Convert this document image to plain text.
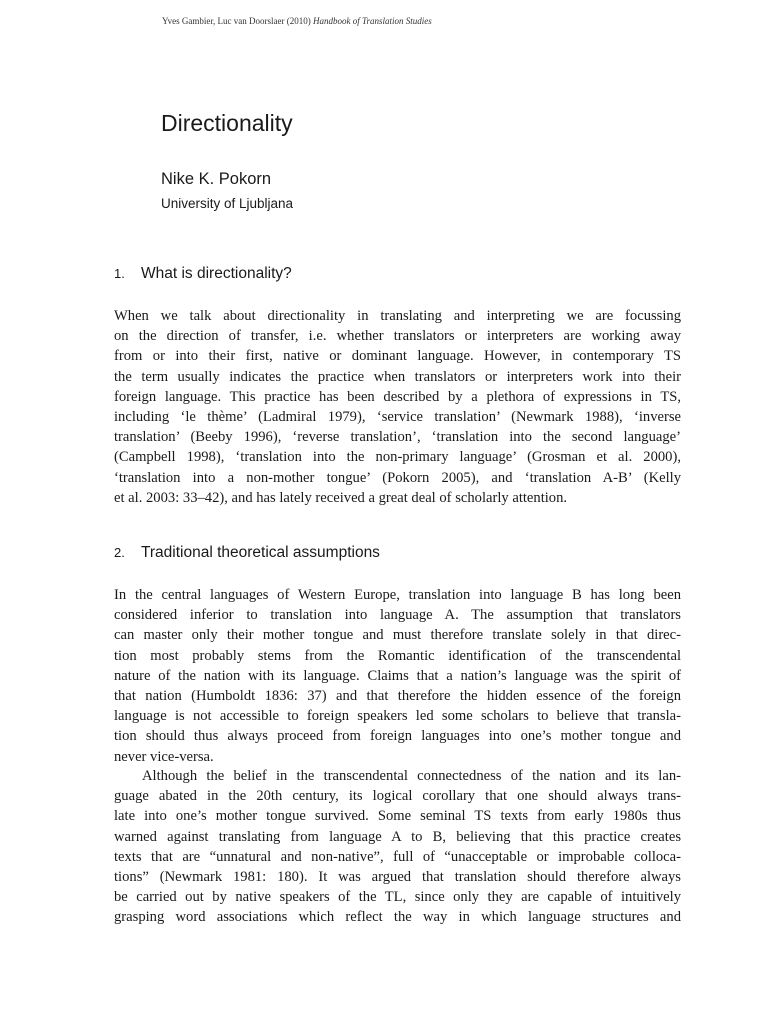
Yves Gambier, Luc van Doorslaer (2010) Handbook of Translation Studies
Directionality
Nike K. Pokorn
University of Ljubljana
1.	What is directionality?

When we talk about directionality in translating and interpreting we are focussing
on the direction of transfer, i.e. whether translators or interpreters are working away
from or into their first, native or dominant language. However, in contemporary TS
the term usually indicates the practice when translators or interpreters work into their
foreign language. This practice has been described by a plethora of expressions in TS,
including ‘le thème’ (Ladmiral 1979), ‘service translation’ (Newmark 1988), ‘inverse
translation’ (Beeby 1996), ‘reverse translation’, ‘translation into the second language’
(Campbell 1998), ‘translation into the non-primary language’ (Grosman et al. 2000),
‘translation into a non-mother tongue’ (Pokorn 2005), and ‘translation A-B’ (Kelly
et al. 2003: 33–42), and has lately received a great deal of scholarly attention.

2.	Traditional theoretical assumptions

In the central languages of Western Europe, translation into language B has long been
considered inferior to translation into language A. The assumption that translators
can master only their mother tongue and must therefore translate solely in that direc-
tion most probably stems from the Romantic identification of the transcendental
nature of the nation with its language. Claims that a nation’s language was the spirit of
that nation (Humboldt 1836: 37) and that therefore the hidden essence of the foreign
language is not accessible to foreign speakers led some scholars to believe that transla-
tion should thus always proceed from foreign languages into one’s mother tongue and
never vice-versa.

Although the belief in the transcendental connectedness of the nation and its lan-
guage abated in the 20th century, its logical corollary that one should always trans-
late into one’s mother tongue survived. Some seminal TS texts from early 1980s thus
warned against translating from language A to B, believing that this practice creates
texts that are “unnatural and non-native”, full of “unacceptable or improbable colloca-
tions” (Newmark 1981: 180). It was argued that translation should therefore always
be carried out by native speakers of the TL, since only they are capable of intuitively
grasping word associations which reflect the way in which language structures and
